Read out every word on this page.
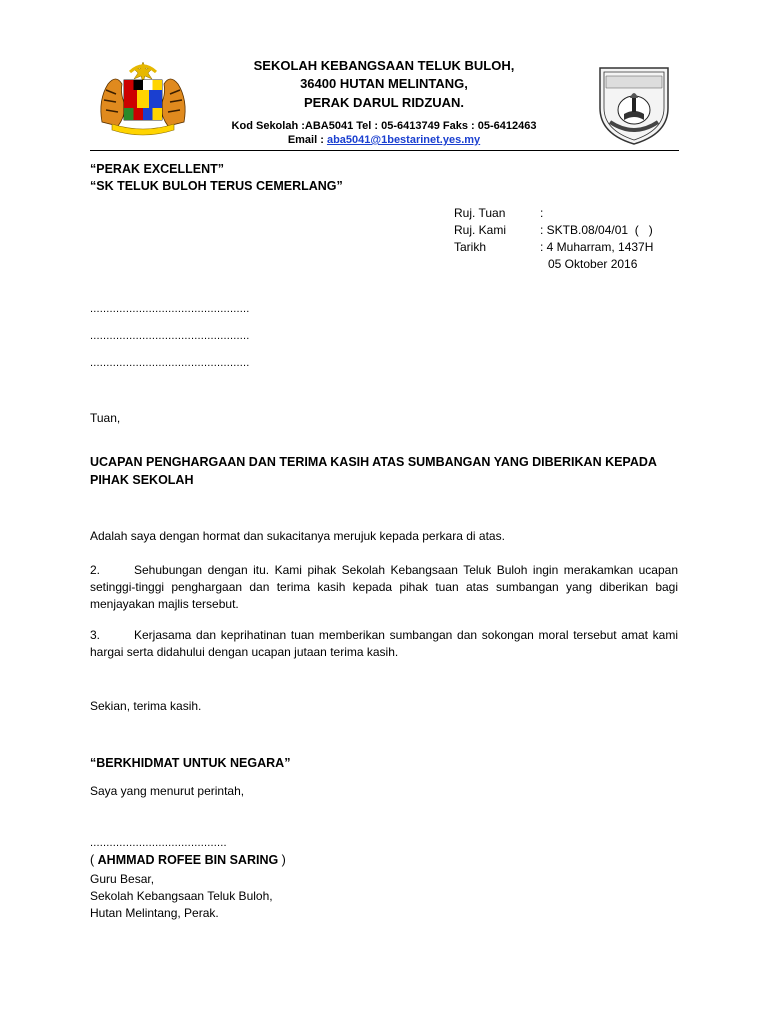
SEKOLAH KEBANGSAAN TELUK BULOH,
36400 HUTAN MELINTANG,
PERAK DARUL RIDZUAN.
Kod Sekolah :ABA5041 Tel : 05-6413749 Faks : 05-6412463
Email : aba5041@1bestarinet.yes.my
“PERAK EXCELLENT”
“SK TELUK BULOH TERUS CEMERLANG”
Ruj. Tuan	:
Ruj. Kami	: SKTB.08/04/01  (   )
Tarikh	: 4 Muharram, 1437H
05 Oktober 2016
.................................................
.................................................
.................................................
Tuan,
UCAPAN PENGHARGAAN DAN TERIMA KASIH ATAS SUMBANGAN YANG DIBERIKAN KEPADA PIHAK SEKOLAH
Adalah saya dengan hormat dan sukacitanya merujuk kepada perkara di atas.
2.	Sehubungan dengan itu. Kami pihak Sekolah Kebangsaan Teluk Buloh ingin merakamkan ucapan setinggi-tinggi penghargaan dan terima kasih kepada pihak tuan atas sumbangan yang diberikan bagi menjayakan majlis tersebut.
3.	Kerjasama dan keprihatinan tuan memberikan sumbangan dan sokongan moral tersebut amat kami hargai serta didahului dengan ucapan jutaan terima kasih.
Sekian, terima kasih.
“BERKHIDMAT UNTUK NEGARA”
Saya yang menurut perintah,
..........................................
( AHMMAD ROFEE BIN SARING )
Guru Besar,
Sekolah Kebangsaan Teluk Buloh,
Hutan Melintang, Perak.
